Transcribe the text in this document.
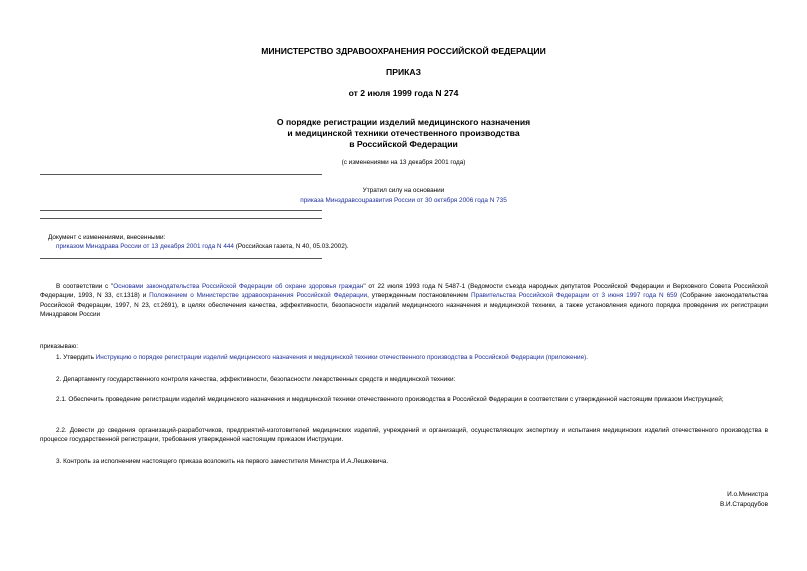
МИНИСТЕРСТВО ЗДРАВООХРАНЕНИЯ РОССИЙСКОЙ ФЕДЕРАЦИИ
ПРИКАЗ
от 2 июля 1999 года N 274
О порядке регистрации изделий медицинского назначения
и медицинской техники отечественного производства
в Российской Федерации
(с изменениями на 13 декабря 2001 года)
Утратил силу на основании
приказа Минздравсоцразвития России от 30 октября 2006 года N 735
Документ с изменениями, внесенными:
приказом Минздрава России от 13 декабря 2001 года N 444 (Российская газета, N 40, 05.03.2002).
В соответствии с "Основами законодательства Российской Федерации об охране здоровья граждан" от 22 июля 1993 года N 5487-1 (Ведомости съезда народных депутатов Российской Федерации и Верховного Совета Российской Федерации, 1993, N 33, ст.1318) и Положением о Министерстве здравоохранения Российской Федерации, утвержденным постановлением Правительства Российской Федерации от 3 июня 1997 года N 659 (Собрание законодательства Российской Федерации, 1997, N 23, ст.2691), в целях обеспечения качества, эффективности, безопасности изделий медицинского назначения и медицинской техники, а также установления единого порядка проведения их регистрации Минздравом России
приказываю:
1. Утвердить Инструкцию о порядке регистрации изделий медицинского назначения и медицинской техники отечественного производства в Российской Федерации (приложение).
2. Департаменту государственного контроля качества, эффективности, безопасности лекарственных средств и медицинской техники:
2.1. Обеспечить проведение регистрации изделий медицинского назначения и медицинской техники отечественного производства в Российской Федерации в соответствии с утвержденной настоящим приказом Инструкцией;
2.2. Довести до сведения организаций-разработчиков, предприятий-изготовителей медицинских изделий, учреждений и организаций, осуществляющих экспертизу и испытания медицинских изделий отечественного производства в процессе государственной регистрации, требования утвержденной настоящим приказом Инструкции.
3. Контроль за исполнением настоящего приказа возложить на первого заместителя Министра И.А.Лешкевича.
И.о.Министра
В.И.Стародубов
